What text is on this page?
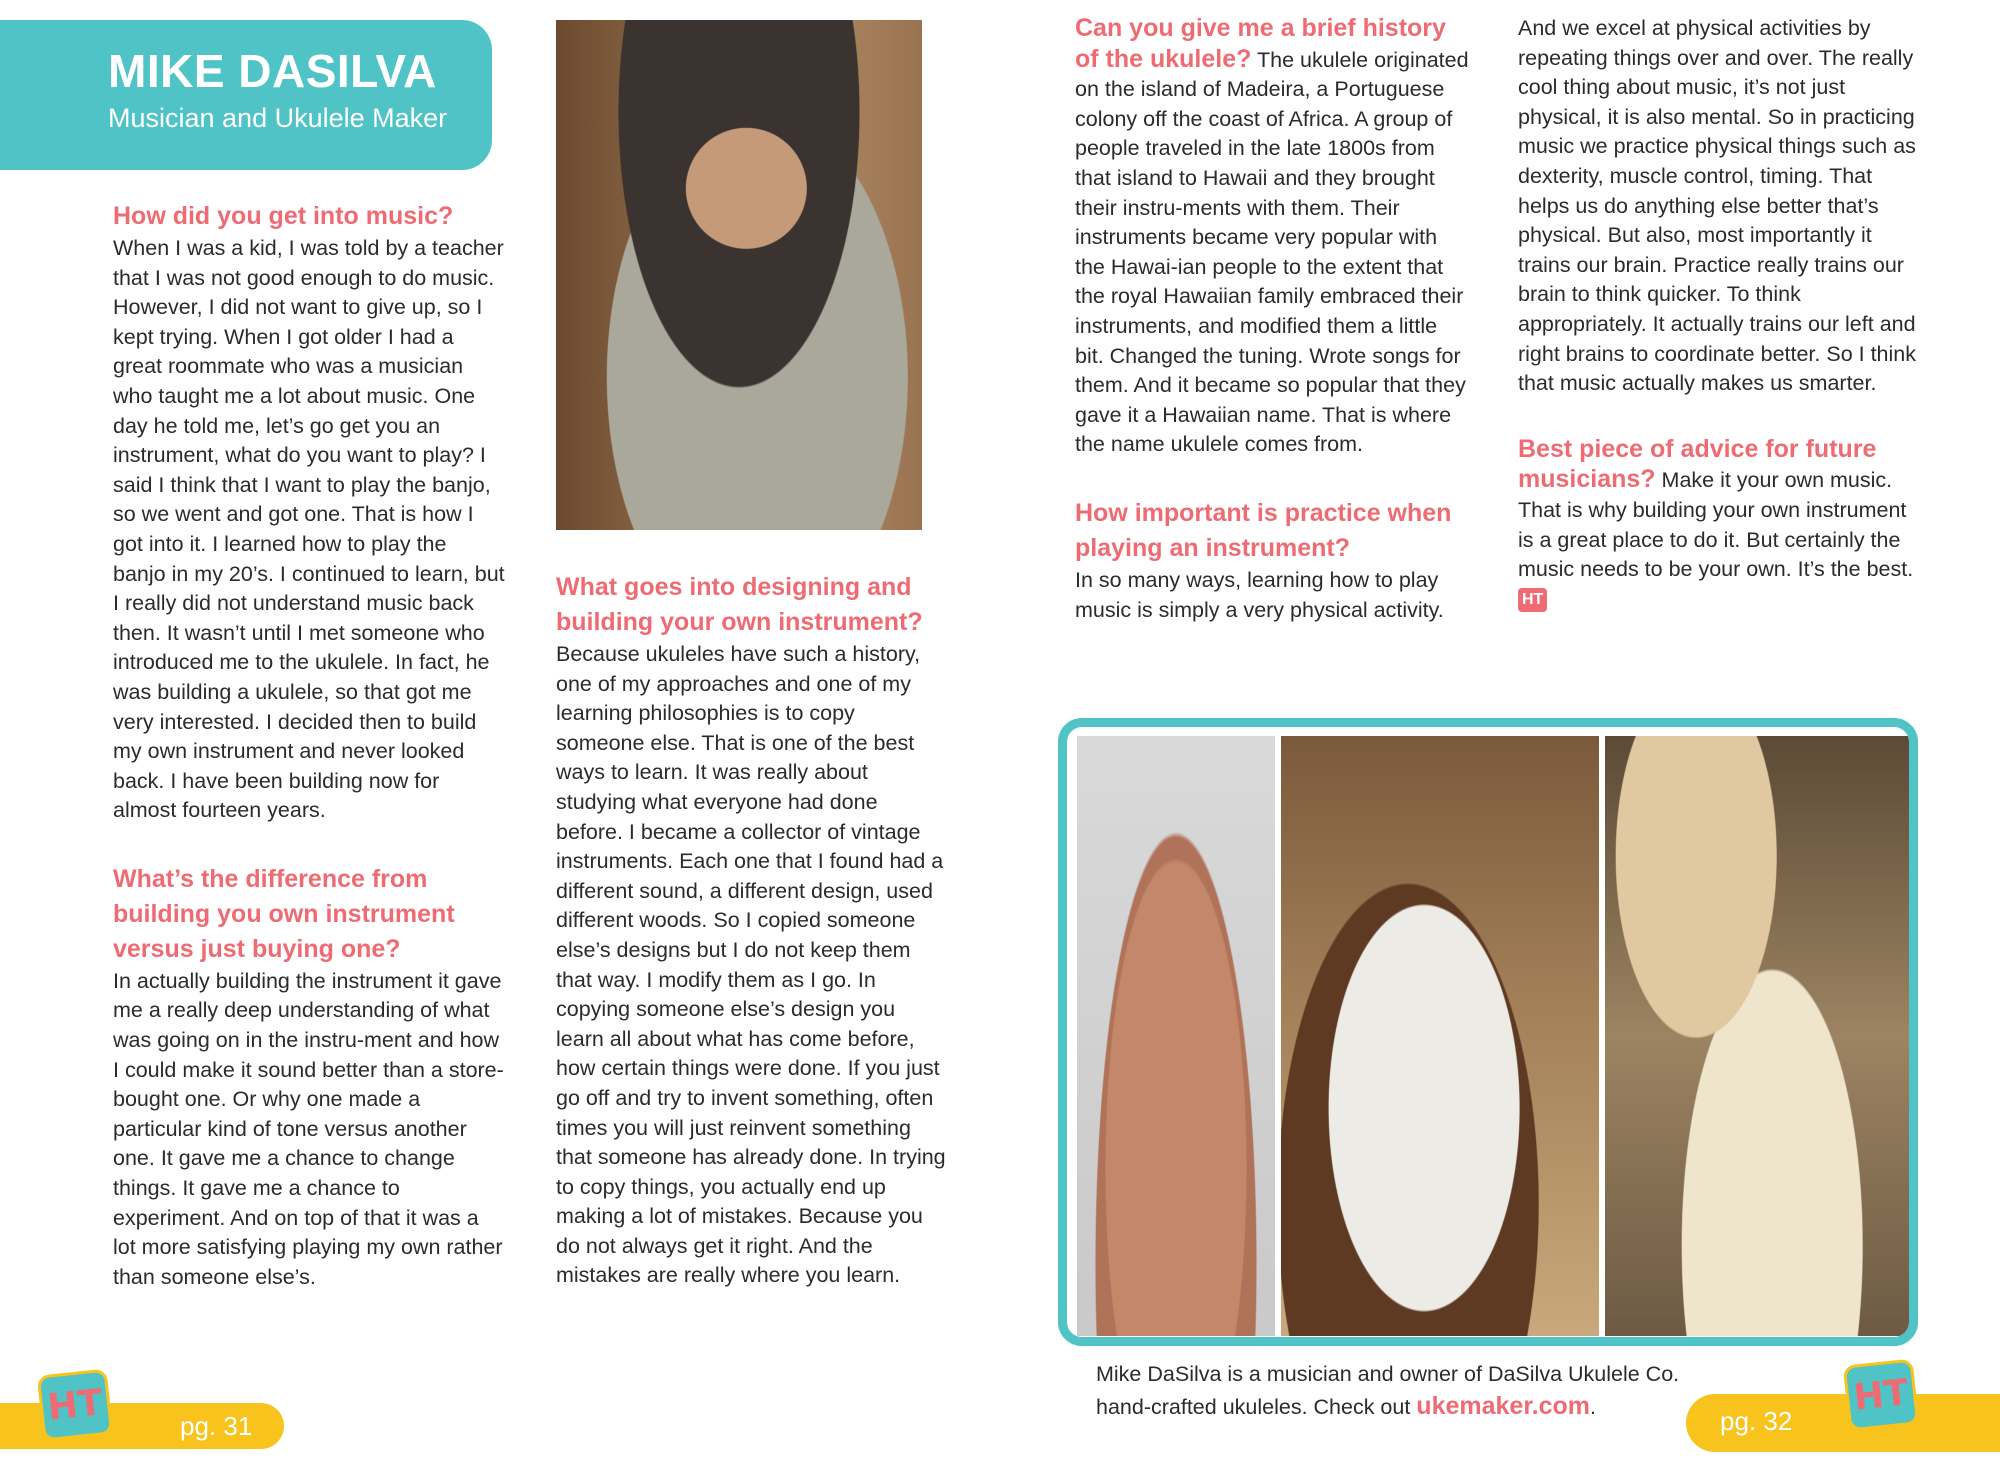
MIKE DASILVA
Musician and Ukulele Maker
How did you get into music?

When I was a kid, I was told by a teacher that I was not good enough to do music. However, I did not want to give up, so I kept trying. When I got older I had a great roommate who was a musician who taught me a lot about music. One day he told me, let’s go get you an instrument, what do you want to play? I said I think that I want to play the banjo, so we went and got one. That is how I got into it. I learned how to play the banjo in my 20’s. I continued to learn, but I really did not understand music back then. It wasn’t until I met someone who introduced me to the ukulele. In fact, he was building a ukulele, so that got me very interested. I decided then to build my own instrument and never looked back. I have been building now for almost fourteen years.

What’s the difference from building you own instrument versus just buying one?

In actually building the instrument it gave me a really deep understanding of what was going on in the instru-ment and how I could make it sound better than a store-bought one. Or why one made a particular kind of tone versus another one. It gave me a chance to change things. It gave me a chance to experiment. And on top of that it was a lot more satisfying playing my own rather than someone else’s.

What goes into designing and building your own instrument?

Because ukuleles have such a history, one of my approaches and one of my learning philosophies is to copy someone else. That is one of the best ways to learn. It was really about studying what everyone had done before. I became a collector of vintage instruments. Each one that I found had a different sound, a different design, used different woods. So I copied someone else’s designs but I do not keep them that way. I modify them as I go. In copying someone else’s design you learn all about what has come before, how certain things were done. If you just go off and try to invent something, often times you will just reinvent something that someone has already done. In trying to copy things, you actually end up making a lot of mistakes. Because you do not always get it right. And the mistakes are really where you learn.

Can you give me a brief history of the ukulele? The ukulele originated on the island of Madeira, a Portuguese colony off the coast of Africa. A group of people traveled in the late 1800s from that island to Hawaii and they brought their instru-ments with them. Their instruments became very popular with the Hawai-ian people to the extent that the royal Hawaiian family embraced their instruments, and modified them a little bit. Changed the tuning. Wrote songs for them. And it became so popular that they gave it a Hawaiian name. That is where the name ukulele comes from.

How important is practice when playing an instrument?

In so many ways, learning how to play music is simply a very physical activity.

And we excel at physical activities by repeating things over and over. The really cool thing about music, it’s not just physical, it is also mental. So in practicing music we practice physical things such as dexterity, muscle control, timing. That helps us do anything else better that’s physical. But also, most importantly it trains our brain. Practice really trains our brain to think quicker. To think appropriately. It actually trains our left and right brains to coordinate better. So I think that music actually makes us smarter.

Best piece of advice for future musicians? Make it your own music. That is why building your own instrument is a great place to do it. But certainly the music needs to be your own. It’s the best. HT

Mike DaSilva is a musician and owner of DaSilva Ukulele Co. hand-crafted ukuleles. Check out ukemaker.com.
pg. 31
HT	pg. 32
HT
